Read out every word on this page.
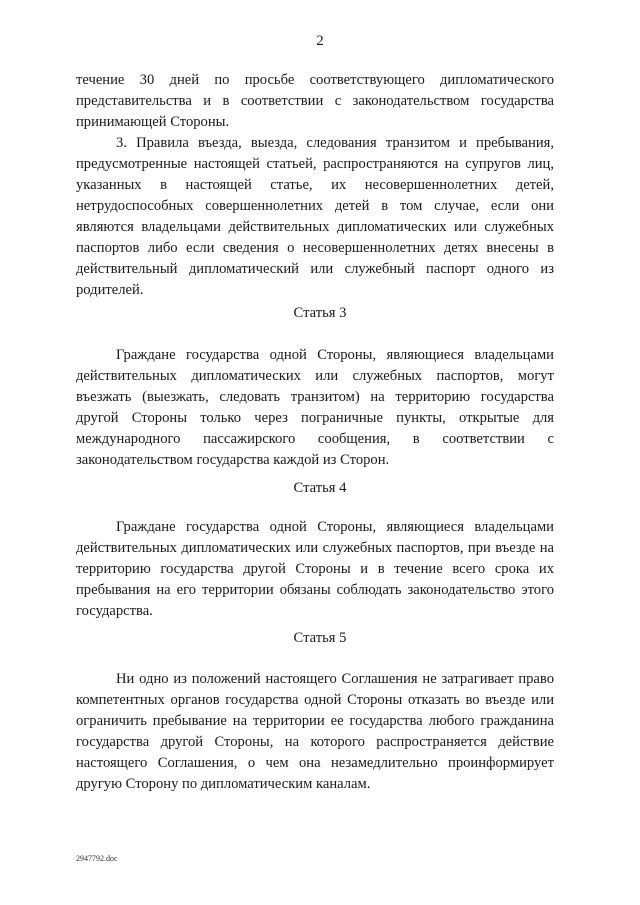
2

течение 30 дней по просьбе соответствующего дипломатического представительства и в соответствии с законодательством государства принимающей Стороны.

3. Правила въезда, выезда, следования транзитом и пребывания, предусмотренные настоящей статьей, распространяются на супругов лиц, указанных в настоящей статье, их несовершеннолетних детей, нетрудоспособных совершеннолетних детей в том случае, если они являются владельцами действительных дипломатических или служебных паспортов либо если сведения о несовершеннолетних детях внесены в действительный дипломатический или служебный паспорт одного из родителей.

Статья 3

Граждане государства одной Стороны, являющиеся владельцами действительных дипломатических или служебных паспортов, могут въезжать (выезжать, следовать транзитом) на территорию государства другой Стороны только через пограничные пункты, открытые для международного пассажирского сообщения, в соответствии с законодательством государства каждой из Сторон.

Статья 4

Граждане государства одной Стороны, являющиеся владельцами действительных дипломатических или служебных паспортов, при въезде на территорию государства другой Стороны и в течение всего срока их пребывания на его территории обязаны соблюдать законодательство этого государства.

Статья 5

Ни одно из положений настоящего Соглашения не затрагивает право компетентных органов государства одной Стороны отказать во въезде или ограничить пребывание на территории ее государства любого гражданина государства другой Стороны, на которого распространяется действие настоящего Соглашения, о чем она незамедлительно проинформирует другую Сторону по дипломатическим каналам.

2947792.doc
